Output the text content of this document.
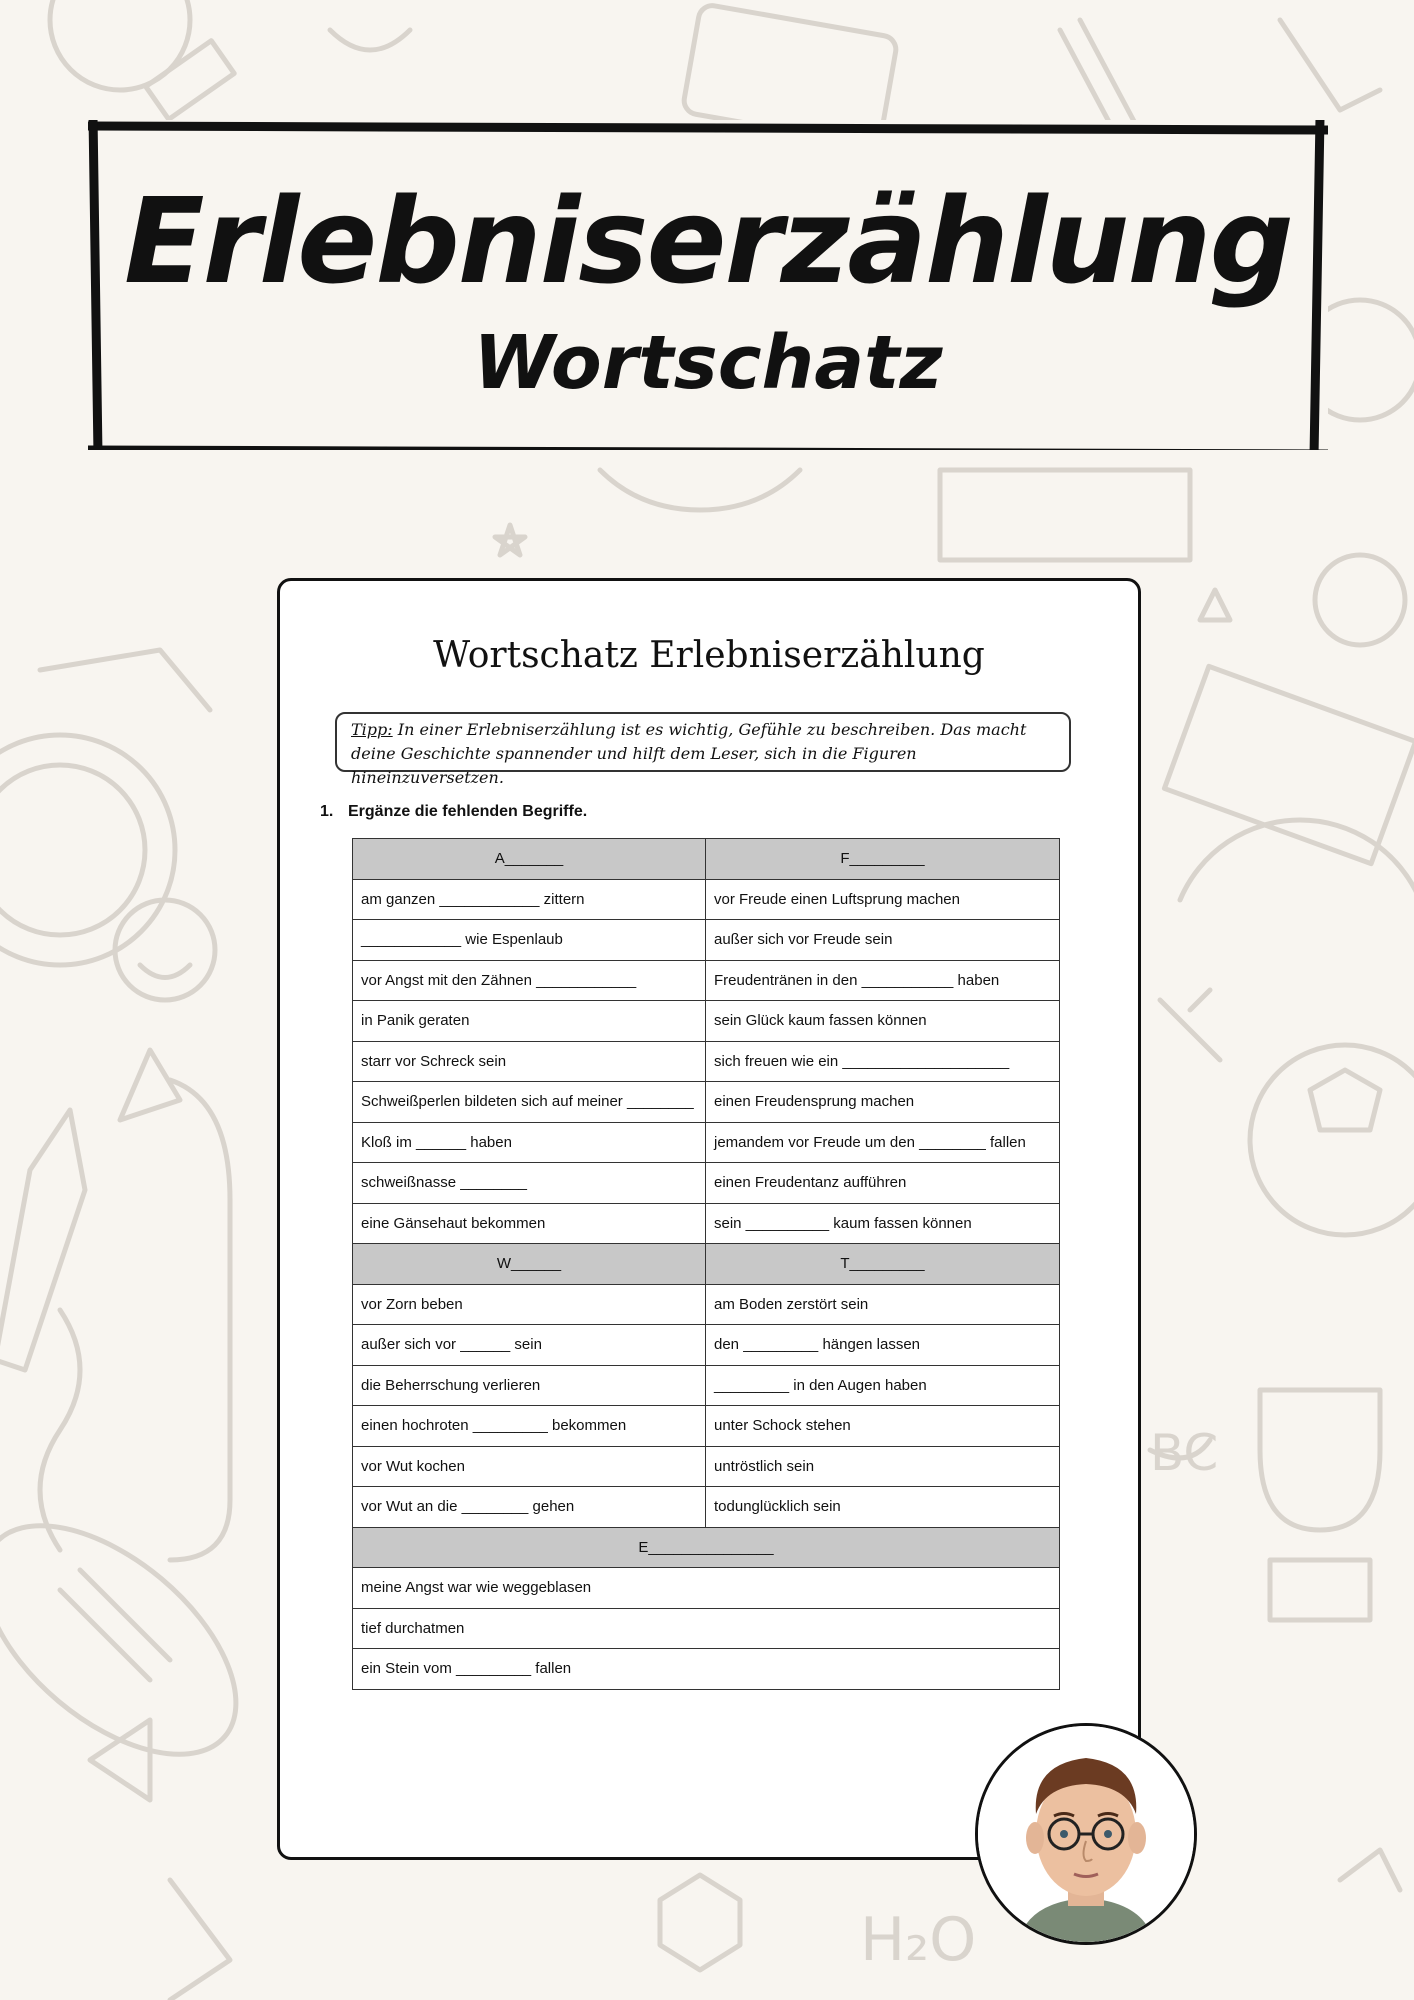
BC
H₂O
Erlebniserzählung
Wortschatz
Wortschatz Erlebniserzählung
Tipp: In einer Erlebniserzählung ist es wichtig, Gefühle zu beschreiben. Das macht deine Geschichte spannender und hilft dem Leser, sich in die Figuren hineinzuversetzen.
1. Ergänze die fehlenden Begriffe.
A_______	F_________
am ganzen ____________ zittern	vor Freude einen Luftsprung machen
____________ wie Espenlaub	außer sich vor Freude sein
vor Angst mit den Zähnen ____________	Freudentränen in den ___________ haben
in Panik geraten	sein Glück kaum fassen können
starr vor Schreck sein	sich freuen wie ein ____________________
Schweißperlen bildeten sich auf meiner ________	einen Freudensprung machen
Kloß im ______ haben	jemandem vor Freude um den ________ fallen
schweißnasse ________	einen Freudentanz aufführen
eine Gänsehaut bekommen	sein __________ kaum fassen können
W______	T_________
vor Zorn beben	am Boden zerstört sein
außer sich vor ______ sein	den _________ hängen lassen
die Beherrschung verlieren	_________ in den Augen haben
einen hochroten _________ bekommen	unter Schock stehen
vor Wut kochen	untröstlich sein
vor Wut an die ________ gehen	todunglücklich sein
E_______________	
meine Angst war wie weggeblasen	
tief durchatmen	
ein Stein vom _________ fallen	
